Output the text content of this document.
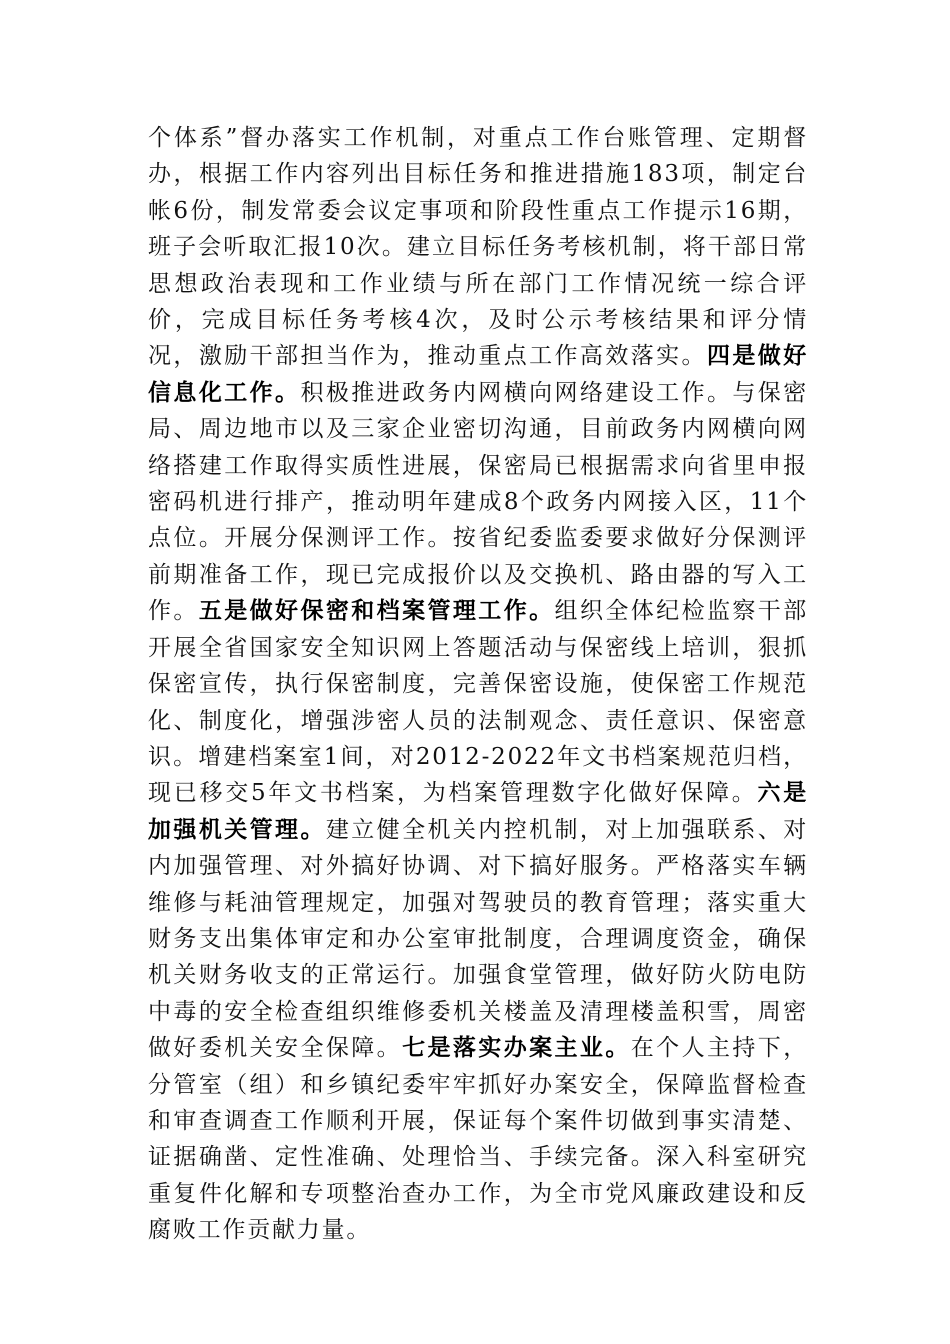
个体系”督办落实工作机制，对重点工作台账管理、定期督办，根据工作内容列出目标任务和推进措施183项，制定台帐6份，制发常委会议定事项和阶段性重点工作提示16期，班子会听取汇报10次。建立目标任务考核机制，将干部日常思想政治表现和工作业绩与所在部门工作情况统一综合评价，完成目标任务考核4次，及时公示考核结果和评分情况，激励干部担当作为，推动重点工作高效落实。四是做好信息化工作。积极推进政务内网横向网络建设工作。与保密局、周边地市以及三家企业密切沟通，目前政务内网横向网络搭建工作取得实质性进展，保密局已根据需求向省里申报密码机进行排产，推动明年建成8个政务内网接入区，11个点位。开展分保测评工作。按省纪委监委要求做好分保测评前期准备工作，现已完成报价以及交换机、路由器的写入工作。五是做好保密和档案管理工作。组织全体纪检监察干部开展全省国家安全知识网上答题活动与保密线上培训，狠抓保密宣传，执行保密制度，完善保密设施，使保密工作规范化、制度化，增强涉密人员的法制观念、责任意识、保密意识。增建档案室1间，对2012-2022年文书档案规范归档，现已移交5年文书档案，为档案管理数字化做好保障。六是加强机关管理。建立健全机关内控机制，对上加强联系、对内加强管理、对外搞好协调、对下搞好服务。严格落实车辆维修与耗油管理规定，加强对驾驶员的教育管理；落实重大财务支出集体审定和办公室审批制度，合理调度资金，确保机关财务收支的正常运行。加强食堂管理，做好防火防电防中毒的安全检查组织维修委机关楼盖及清理楼盖积雪，周密做好委机关安全保障。七是落实办案主业。在个人主持下，分管室（组）和乡镇纪委牢牢抓好办案安全，保障监督检查和审查调查工作顺利开展，保证每个案件切做到事实清楚、证据确凿、定性准确、处理恰当、手续完备。深入科室研究重复件化解和专项整治查办工作，为全市党风廉政建设和反腐败工作贡献力量。
